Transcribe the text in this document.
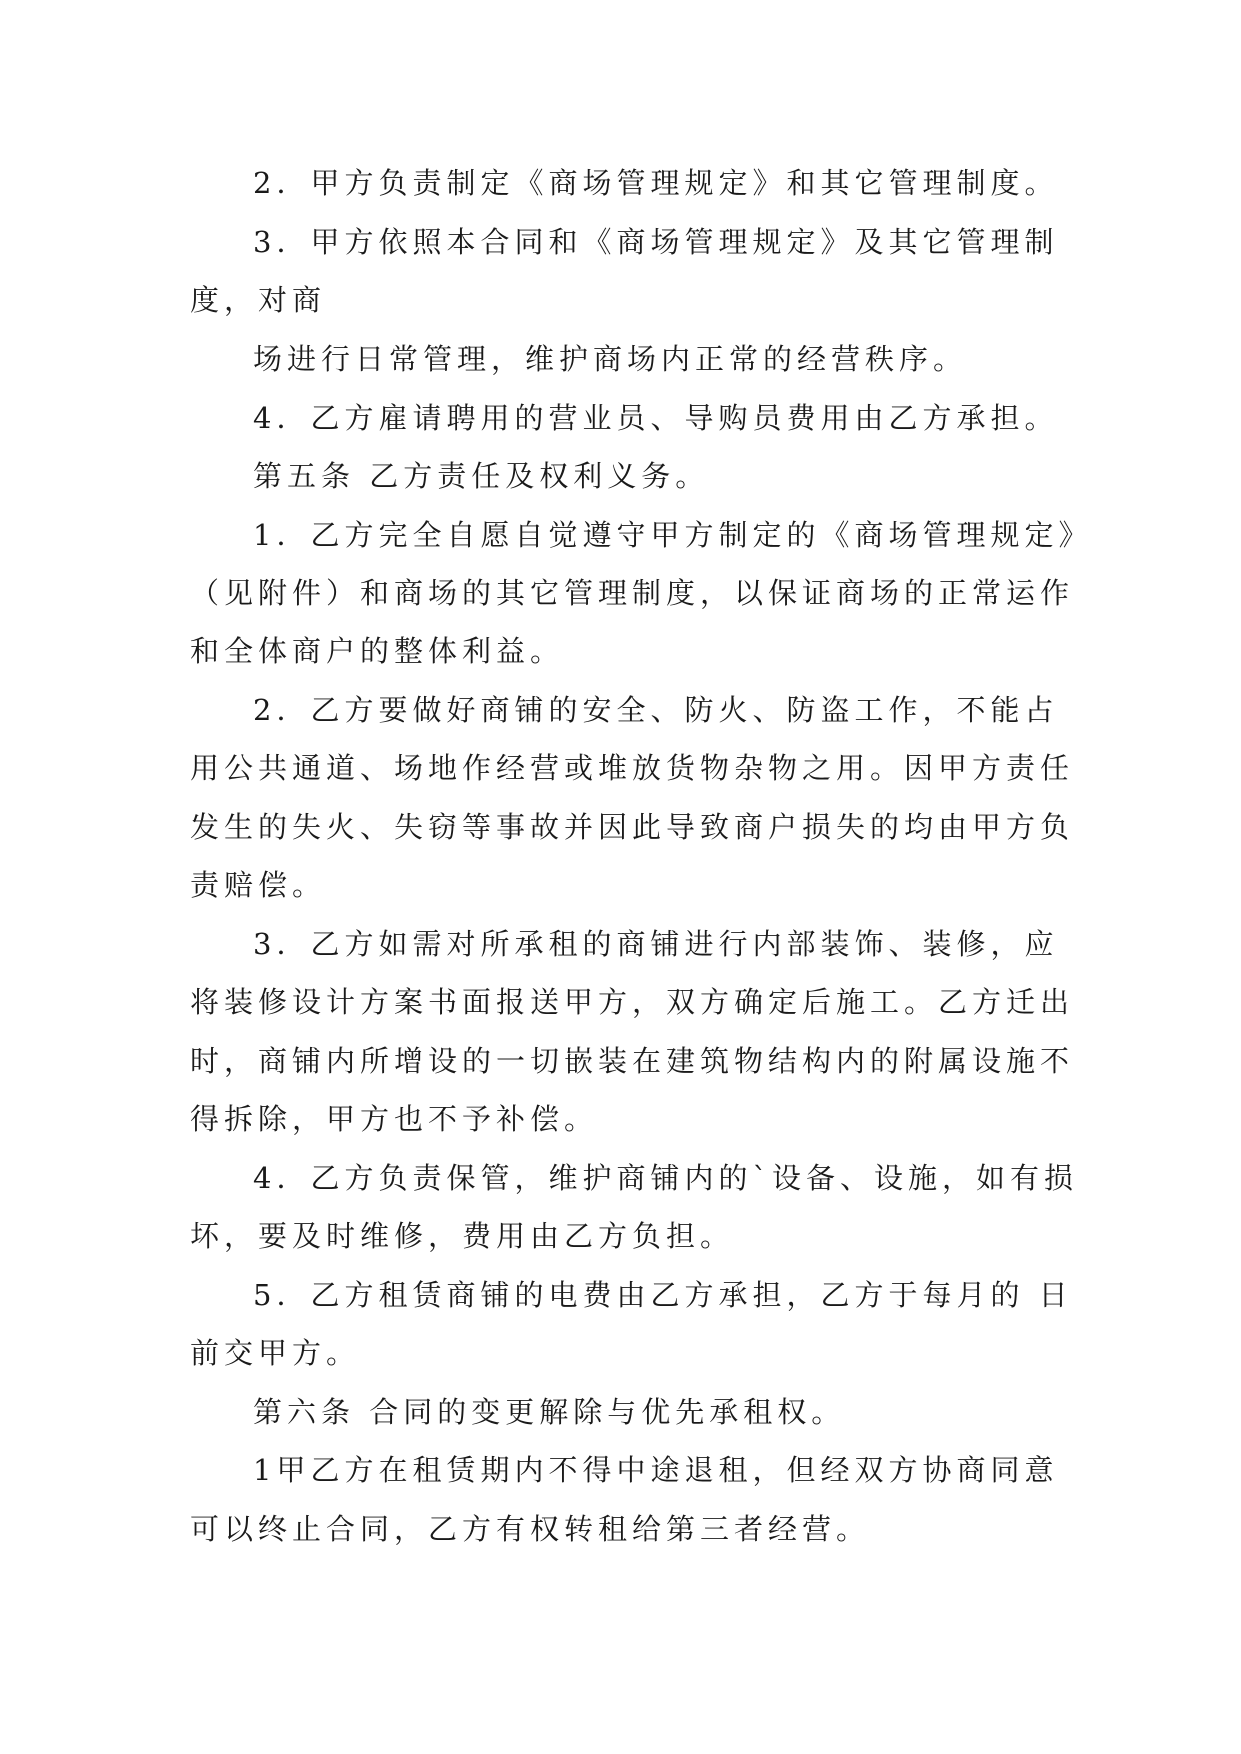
2．甲方负责制定《商场管理规定》和其它管理制度。
3．甲方依照本合同和《商场管理规定》及其它管理制
度，对商
场进行日常管理，维护商场内正常的经营秩序。
4．乙方雇请聘用的营业员、导购员费用由乙方承担。
第五条 乙方责任及权利义务。
1．乙方完全自愿自觉遵守甲方制定的《商场管理规定》
（见附件）和商场的其它管理制度，以保证商场的正常运作
和全体商户的整体利益。
2．乙方要做好商铺的安全、防火、防盗工作，不能占
用公共通道、场地作经营或堆放货物杂物之用。因甲方责任
发生的失火、失窃等事故并因此导致商户损失的均由甲方负
责赔偿。
3．乙方如需对所承租的商铺进行内部装饰、装修，应
将装修设计方案书面报送甲方，双方确定后施工。乙方迁出
时，商铺内所增设的一切嵌装在建筑物结构内的附属设施不
得拆除，甲方也不予补偿。
4．乙方负责保管，维护商铺内的`设备、设施，如有损
坏，要及时维修，费用由乙方负担。
5．乙方租赁商铺的电费由乙方承担，乙方于每月的 日
前交甲方。
第六条 合同的变更解除与优先承租权。
1甲乙方在租赁期内不得中途退租，但经双方协商同意
可以终止合同，乙方有权转租给第三者经营。
